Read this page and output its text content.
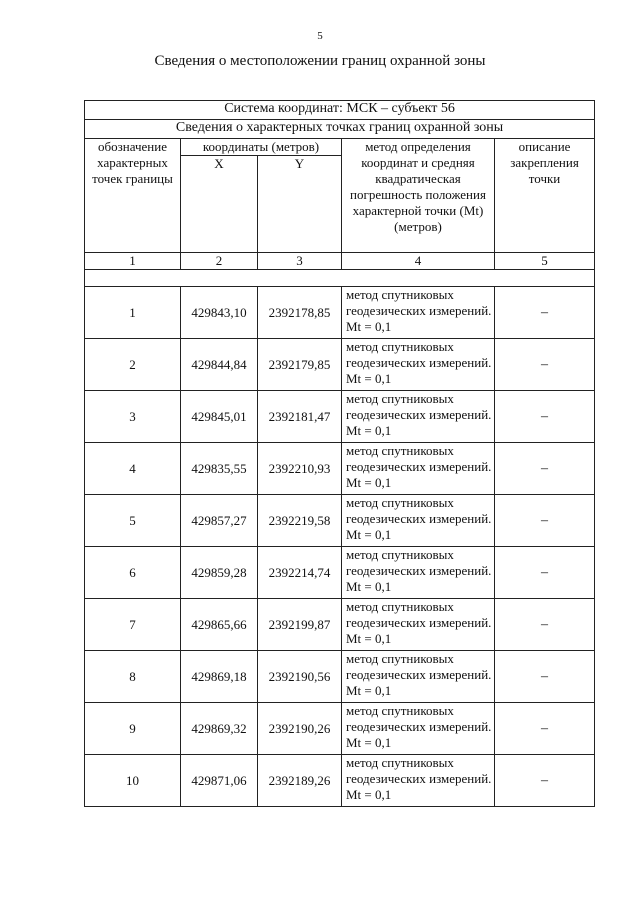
5
Сведения о местоположении границ охранной зоны
Система координат: МСК – субъект 56				
Сведения о характерных точках границ охранной зоны				
обозначение характерных точек границы	координаты (метров)		метод определения координат и средняя квадратическая погрешность положения характерной точки (Мt) (метров)	описание закрепления точки
	X	Y		
1	2	3	4	5

1	429843,10	2392178,85	метод спутниковых геодезических измерений. Мt = 0,1	–
2	429844,84	2392179,85	метод спутниковых геодезических измерений. Мt = 0,1	–
3	429845,01	2392181,47	метод спутниковых геодезических измерений. Мt = 0,1	–
4	429835,55	2392210,93	метод спутниковых геодезических измерений. Мt = 0,1	–
5	429857,27	2392219,58	метод спутниковых геодезических измерений. Мt = 0,1	–
6	429859,28	2392214,74	метод спутниковых геодезических измерений. Мt = 0,1	–
7	429865,66	2392199,87	метод спутниковых геодезических измерений. Мt = 0,1	–
8	429869,18	2392190,56	метод спутниковых геодезических измерений. Мt = 0,1	–
9	429869,32	2392190,26	метод спутниковых геодезических измерений. Мt = 0,1	–
10	429871,06	2392189,26	метод спутниковых геодезических измерений. Мt = 0,1	–
